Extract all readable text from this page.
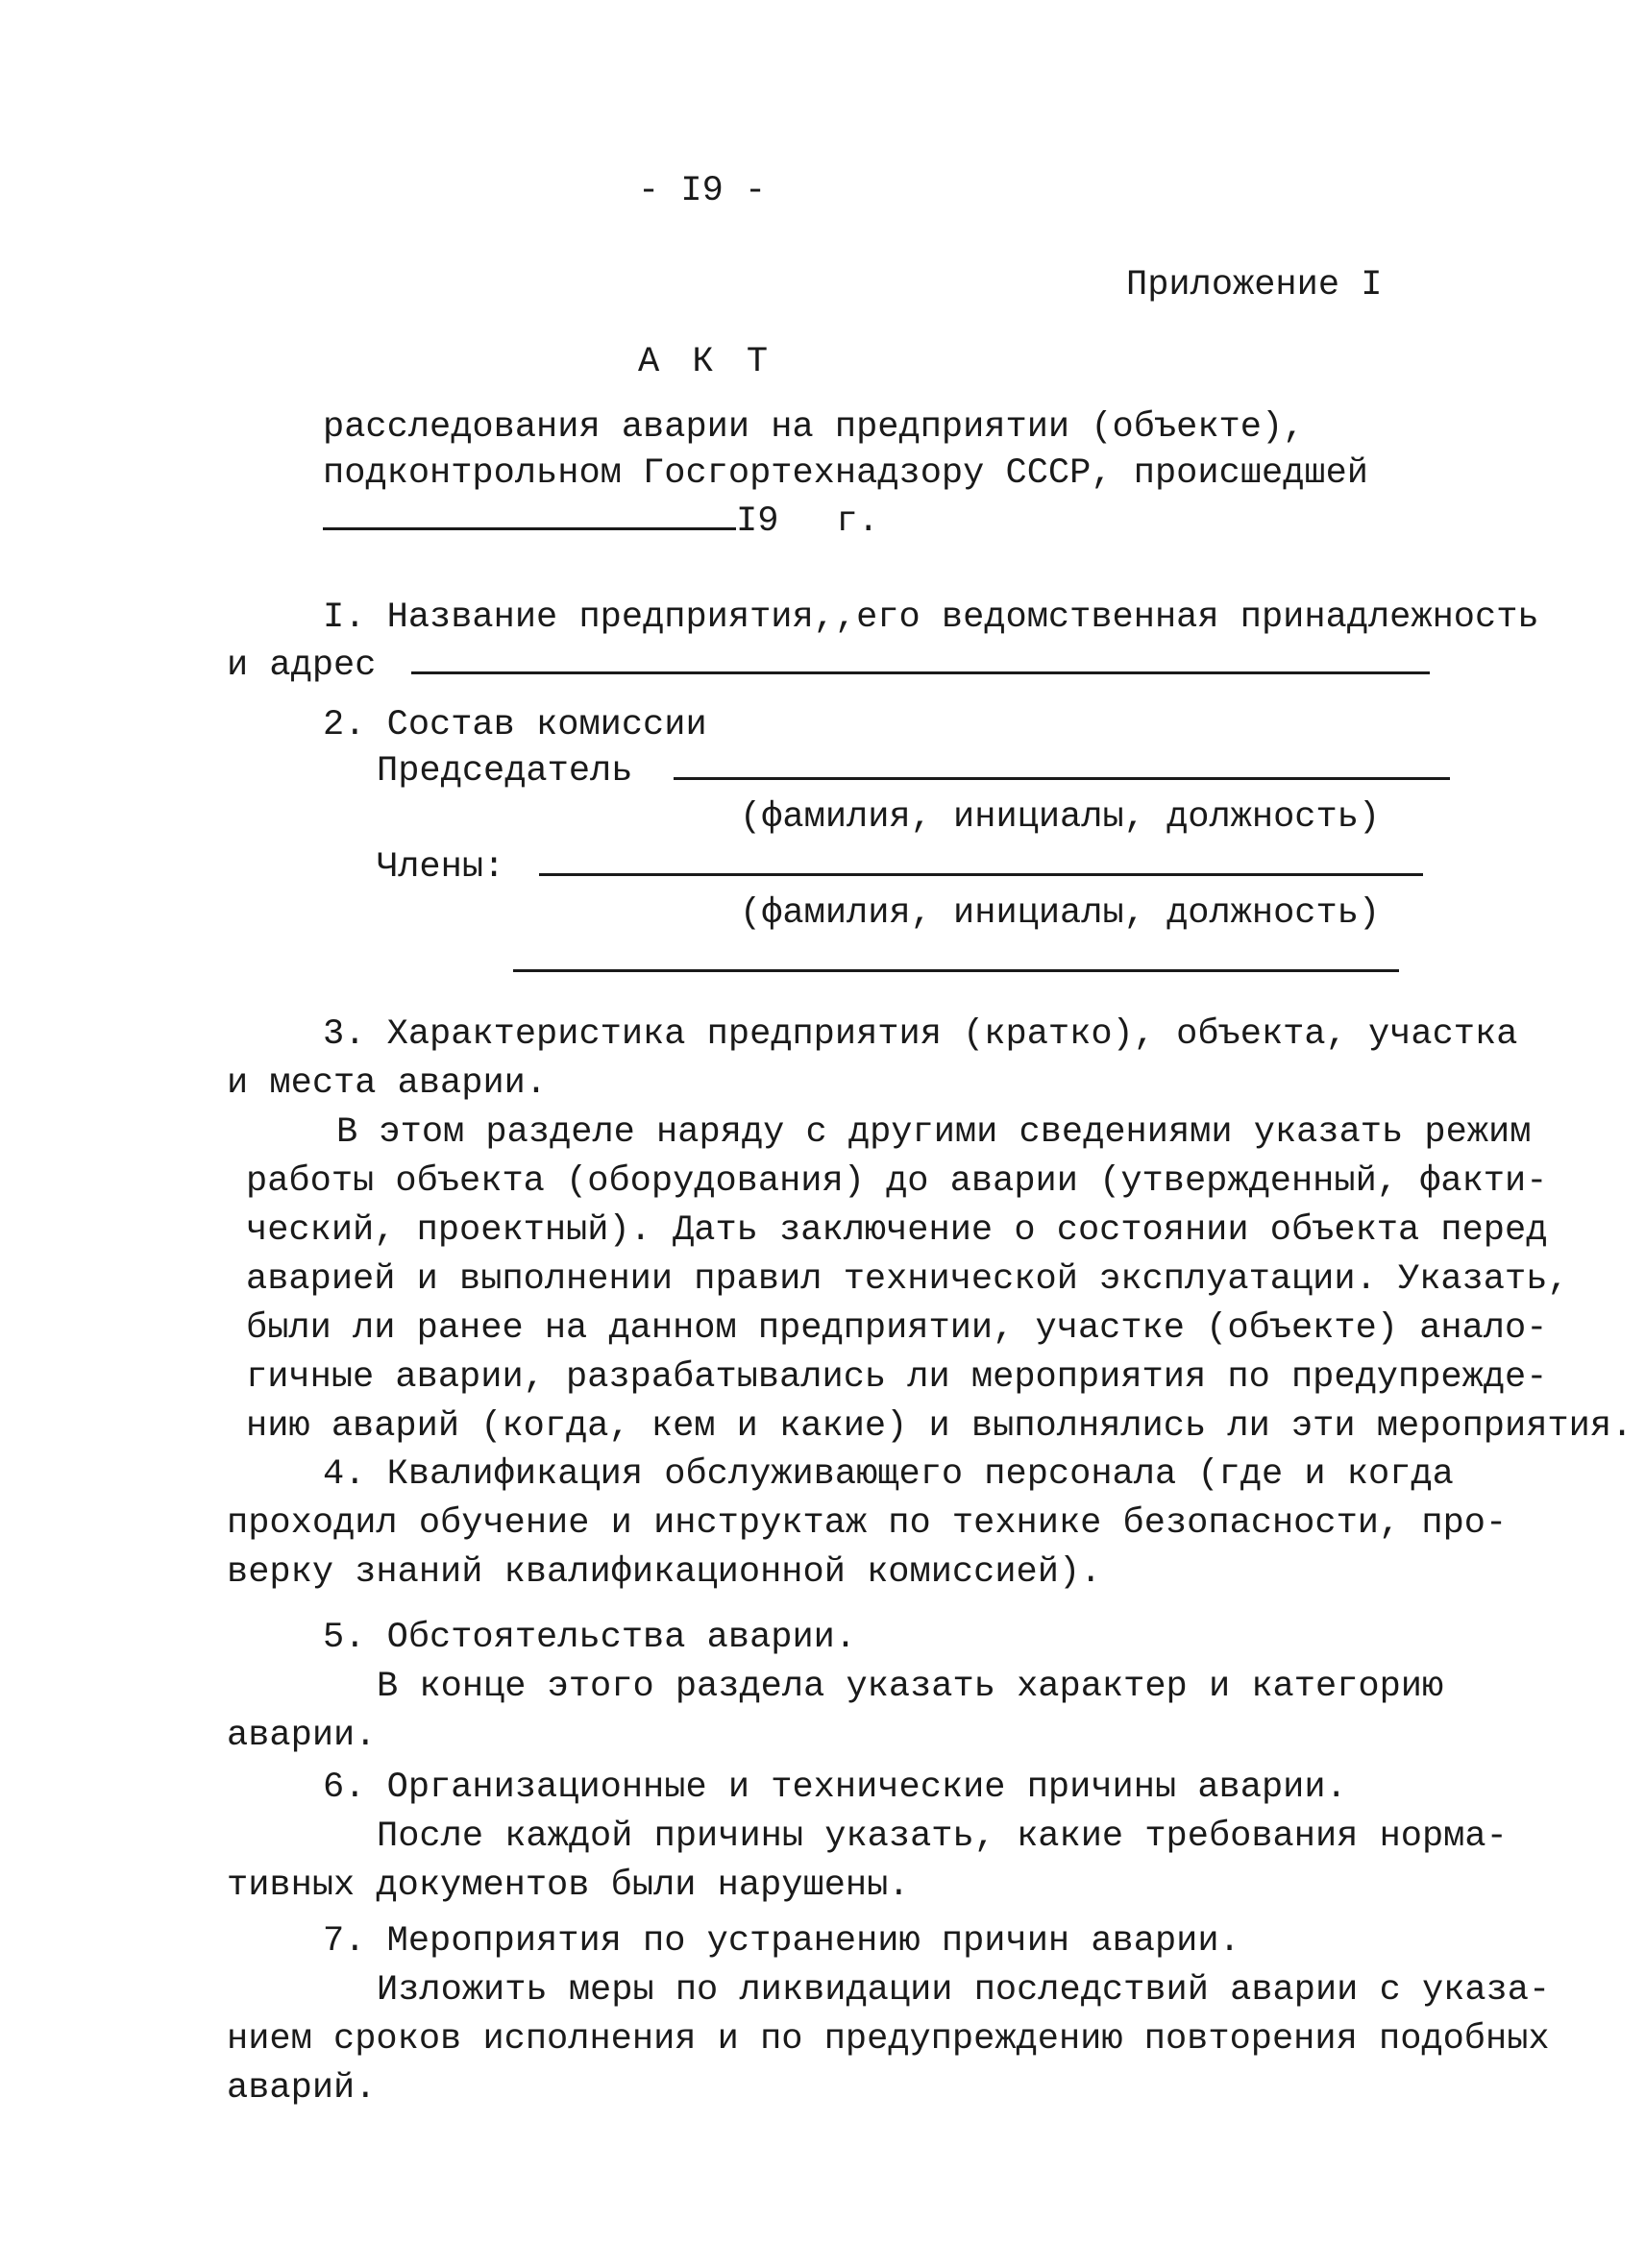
- I9 -
Приложение I
А К Т
расследования аварии на предприятии (объекте),
подконтрольном Госгортехнадзору СССР, происшедшей
I9 г.
I. Название предприятия,,его ведомственная принадлежность
и адрес
2. Состав комиссии
Председатель
(фамилия, инициалы, должность)
Члены:
(фамилия, инициалы, должность)
3. Характеристика предприятия (кратко), объекта, участка
и места аварии.
В этом разделе наряду с другими сведениями указать режим
работы объекта (оборудования) до аварии (утвержденный, факти-
ческий, проектный). Дать заключение о состоянии объекта перед
аварией и выполнении правил технической эксплуатации. Указать,
были ли ранее на данном предприятии, участке (объекте) анало-
гичные аварии, разрабатывались ли мероприятия по предупрежде-
нию аварий (когда, кем и какие) и выполнялись ли эти мероприятия.
4. Квалификация обслуживающего персонала (где и когда
проходил обучение и инструктаж по технике безопасности, про-
верку знаний квалификационной комиссией).
5. Обстоятельства аварии.
В конце этого раздела указать характер и категорию
аварии.
6. Организационные и технические причины аварии.
После каждой причины указать, какие требования норма-
тивных документов были нарушены.
7. Мероприятия по устранению причин аварии.
Изложить меры по ликвидации последствий аварии с указа-
нием сроков исполнения и по предупреждению повторения подобных
аварий.
